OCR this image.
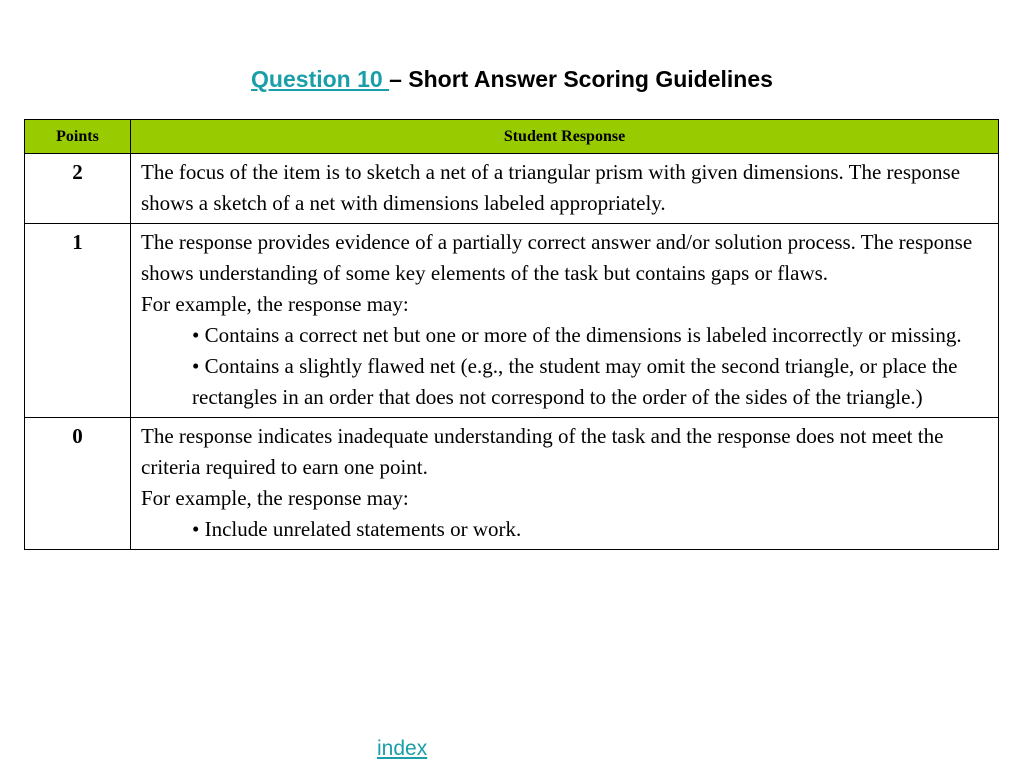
Question 10 – Short Answer Scoring Guidelines
Points	Student Response
2	The focus of the item is to sketch a net of a triangular prism with given dimensions. The response shows a sketch of a net with dimensions labeled appropriately.

1	The response provides evidence of a partially correct answer and/or solution process. The response shows understanding of some key elements of the task but contains gaps or flaws.
For example, the response may:
• Contains a correct net but one or more of the dimensions is labeled incorrectly or missing.
• Contains a slightly flawed net (e.g., the student may omit the second triangle, or place the rectangles in an order that does not correspond to the order of the sides of the triangle.)

0	The response indicates inadequate understanding of the task and the response does not meet the criteria required to earn one point.
For example, the response may:
• Include unrelated statements or work.
index
